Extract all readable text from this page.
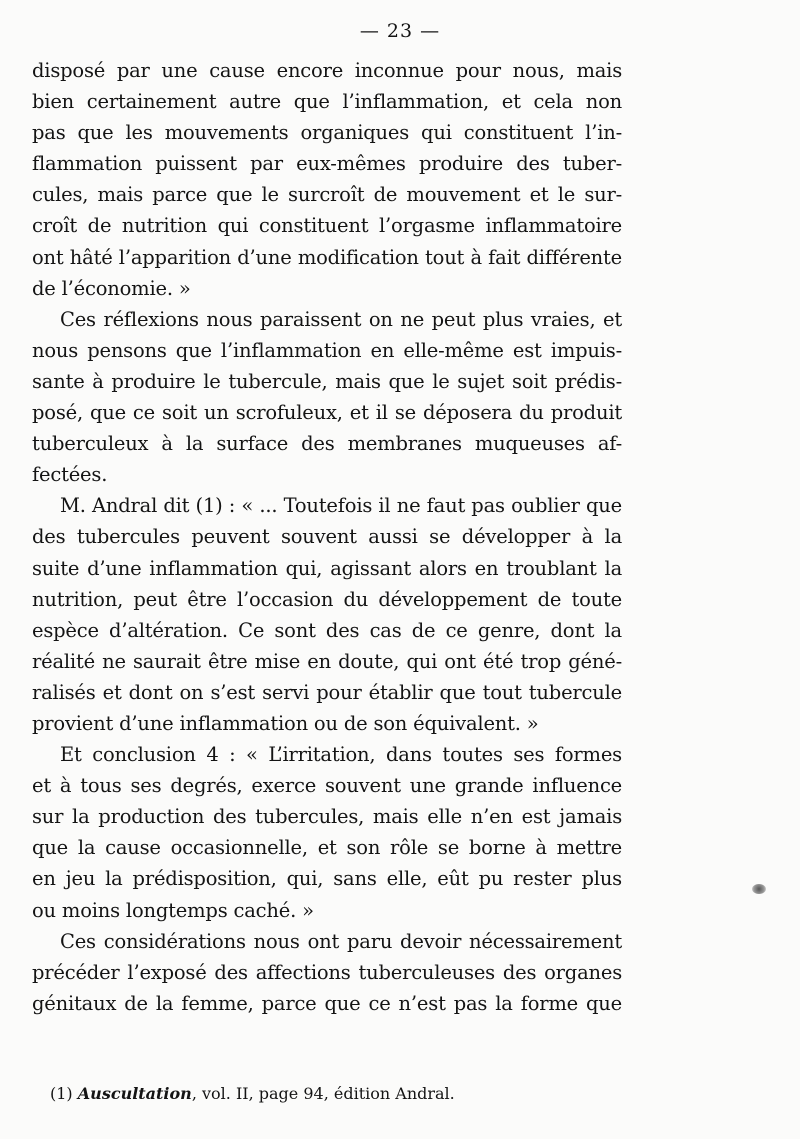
— 23 —
disposé par une cause encore inconnue pour nous, mais
bien certainement autre que l’inflammation, et cela non
pas que les mouvements organiques qui constituent l’in-
flammation puissent par eux-mêmes produire des tuber-
cules, mais parce que le surcroît de mouvement et le sur-
croît de nutrition qui constituent l’orgasme inflammatoire
ont hâté l’apparition d’une modification tout à fait différente
de l’économie. »
Ces réflexions nous paraissent on ne peut plus vraies, et
nous pensons que l’inflammation en elle-même est impuis-
sante à produire le tubercule, mais que le sujet soit prédis-
posé, que ce soit un scrofuleux, et il se déposera du produit
tuberculeux à la surface des membranes muqueuses af-
fectées.
M. Andral dit (1) : « ... Toutefois il ne faut pas oublier que
des tubercules peuvent souvent aussi se développer à la
suite d’une inflammation qui, agissant alors en troublant la
nutrition, peut être l’occasion du développement de toute
espèce d’altération. Ce sont des cas de ce genre, dont la
réalité ne saurait être mise en doute, qui ont été trop géné-
ralisés et dont on s’est servi pour établir que tout tubercule
provient d’une inflammation ou de son équivalent. »
Et conclusion 4 : « L’irritation, dans toutes ses formes
et à tous ses degrés, exerce souvent une grande influence
sur la production des tubercules, mais elle n’en est jamais
que la cause occasionnelle, et son rôle se borne à mettre
en jeu la prédisposition, qui, sans elle, eût pu rester plus
ou moins longtemps caché. »
Ces considérations nous ont paru devoir nécessairement
précéder l’exposé des affections tuberculeuses des organes
génitaux de la femme, parce que ce n’est pas la forme que
(1) Auscultation, vol. II, page 94, édition Andral.
